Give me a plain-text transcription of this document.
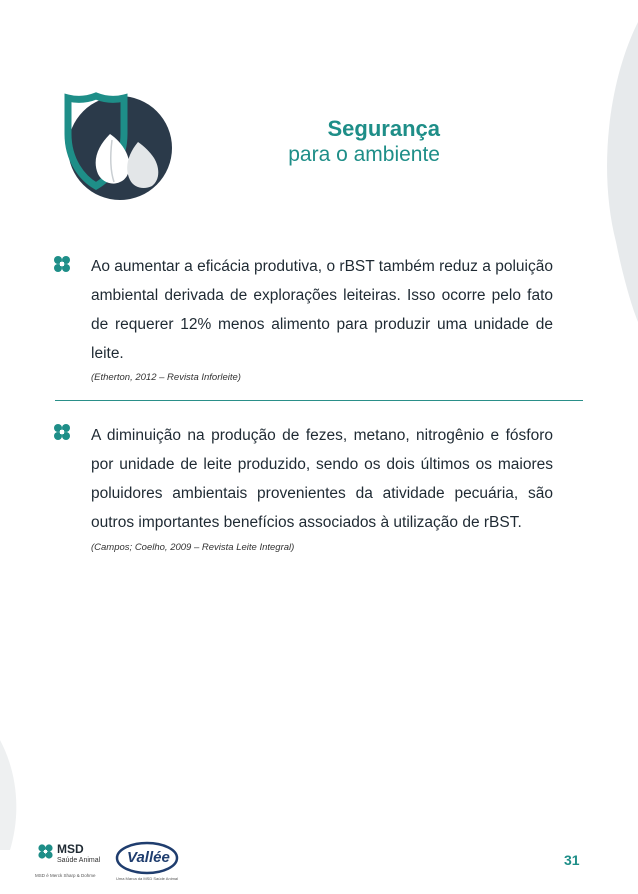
Segurança

para o ambiente

Ao aumentar a eficácia produtiva, o rBST também reduz a poluição ambiental derivada de explorações leiteiras. Isso ocorre pelo fato de requerer 12% menos alimento para produzir uma unidade de leite.
(Etherton, 2012 – Revista Inforleite)
A diminuição na produção de fezes, metano, nitrogênio e fósforo por unidade de leite produzido, sendo os dois últimos os maiores poluidores ambientais provenientes da atividade pecuária, são outros importantes benefícios associados à utilização de rBST.
(Campos; Coelho, 2009 – Revista Leite Integral)
MSD
Saúde Animal
MSD é Merck Sharp & Dohme
Vallée
Uma Marca da MSD Saúde Animal
31
